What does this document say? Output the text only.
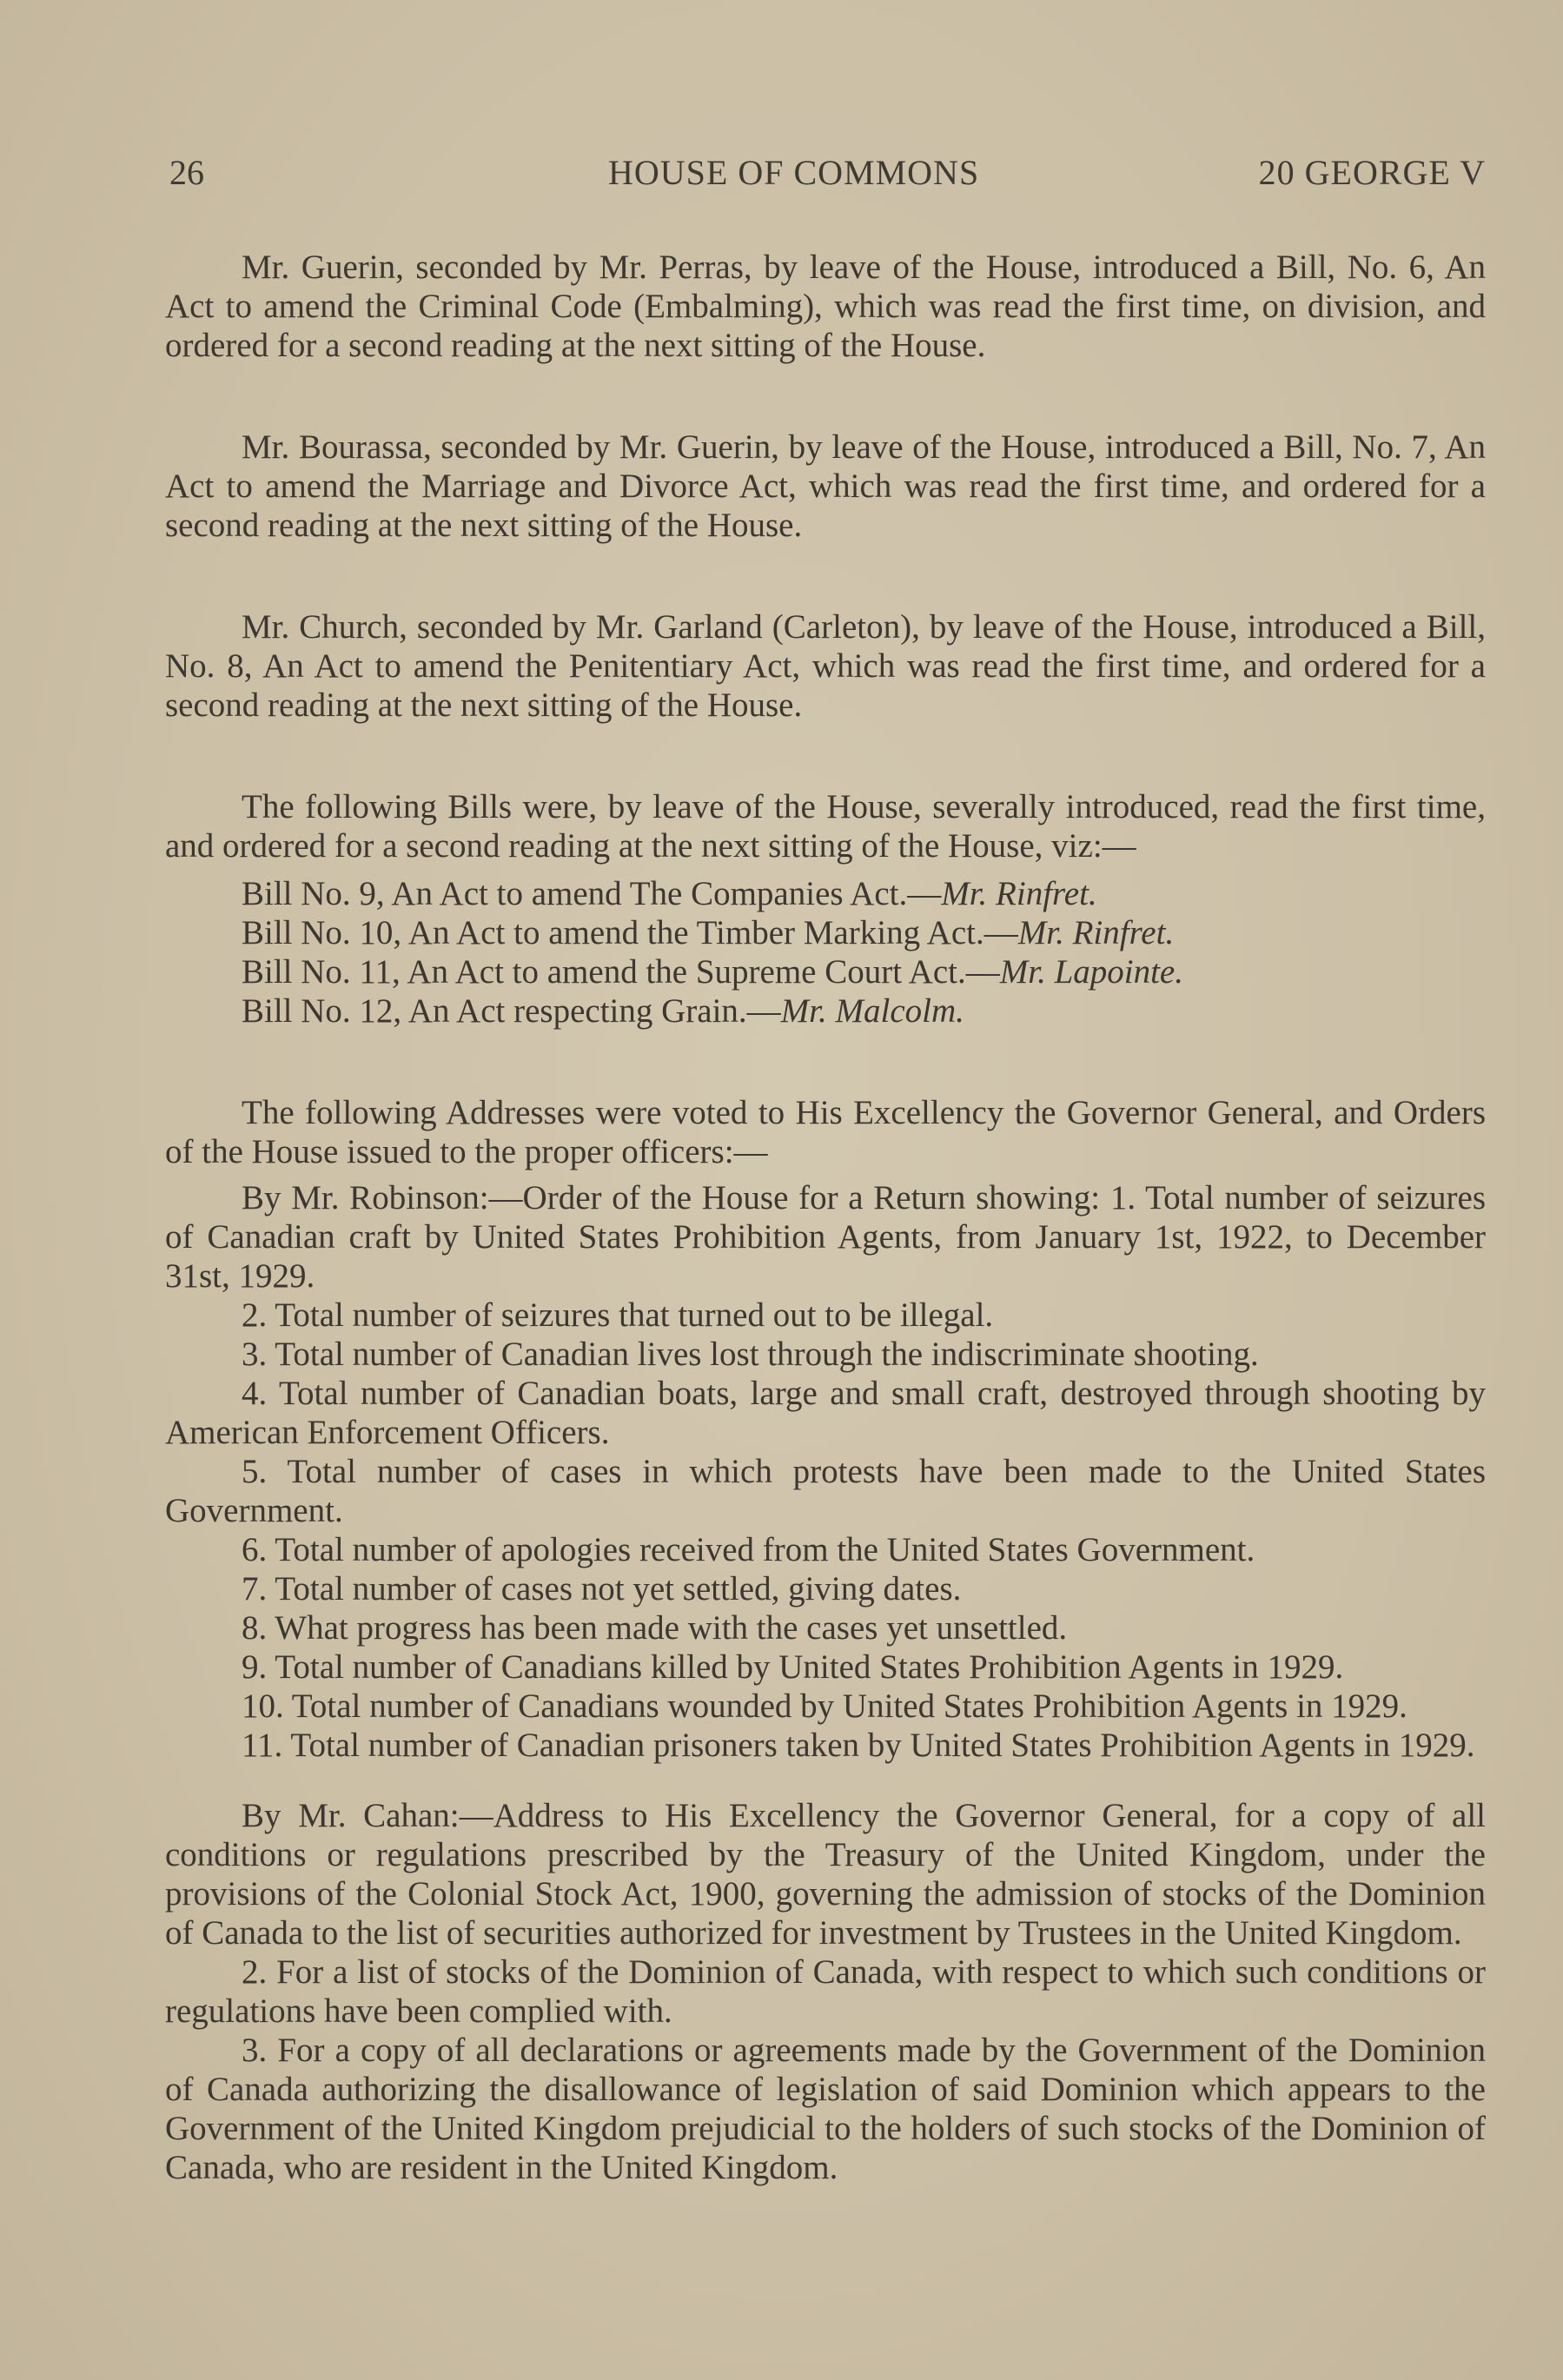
26	HOUSE OF COMMONS	20 GEORGE V

Mr. Guerin, seconded by Mr. Perras, by leave of the House, introduced a Bill, No. 6, An Act to amend the Criminal Code (Embalming), which was read the first time, on division, and ordered for a second reading at the next sitting of the House.

Mr. Bourassa, seconded by Mr. Guerin, by leave of the House, introduced a Bill, No. 7, An Act to amend the Marriage and Divorce Act, which was read the first time, and ordered for a second reading at the next sitting of the House.

Mr. Church, seconded by Mr. Garland (Carleton), by leave of the House, introduced a Bill, No. 8, An Act to amend the Penitentiary Act, which was read the first time, and ordered for a second reading at the next sitting of the House.

The following Bills were, by leave of the House, severally introduced, read the first time, and ordered for a second reading at the next sitting of the House, viz:—

Bill No. 9, An Act to amend The Companies Act.—Mr. Rinfret.
Bill No. 10, An Act to amend the Timber Marking Act.—Mr. Rinfret.
Bill No. 11, An Act to amend the Supreme Court Act.—Mr. Lapointe.
Bill No. 12, An Act respecting Grain.—Mr. Malcolm.

The following Addresses were voted to His Excellency the Governor General, and Orders of the House issued to the proper officers:—

By Mr. Robinson:—Order of the House for a Return showing: 1. Total number of seizures of Canadian craft by United States Prohibition Agents, from January 1st, 1922, to December 31st, 1929.

2. Total number of seizures that turned out to be illegal.

3. Total number of Canadian lives lost through the indiscriminate shooting.

4. Total number of Canadian boats, large and small craft, destroyed through shooting by American Enforcement Officers.

5. Total number of cases in which protests have been made to the United States Government.

6. Total number of apologies received from the United States Government.

7. Total number of cases not yet settled, giving dates.

8. What progress has been made with the cases yet unsettled.

9. Total number of Canadians killed by United States Prohibition Agents in 1929.

10. Total number of Canadians wounded by United States Prohibition Agents in 1929.

11. Total number of Canadian prisoners taken by United States Prohibition Agents in 1929.

By Mr. Cahan:—Address to His Excellency the Governor General, for a copy of all conditions or regulations prescribed by the Treasury of the United Kingdom, under the provisions of the Colonial Stock Act, 1900, governing the admission of stocks of the Dominion of Canada to the list of securities authorized for investment by Trustees in the United Kingdom.

2. For a list of stocks of the Dominion of Canada, with respect to which such conditions or regulations have been complied with.

3. For a copy of all declarations or agreements made by the Government of the Dominion of Canada authorizing the disallowance of legislation of said Dominion which appears to the Government of the United Kingdom prejudicial to the holders of such stocks of the Dominion of Canada, who are resident in the United Kingdom.
